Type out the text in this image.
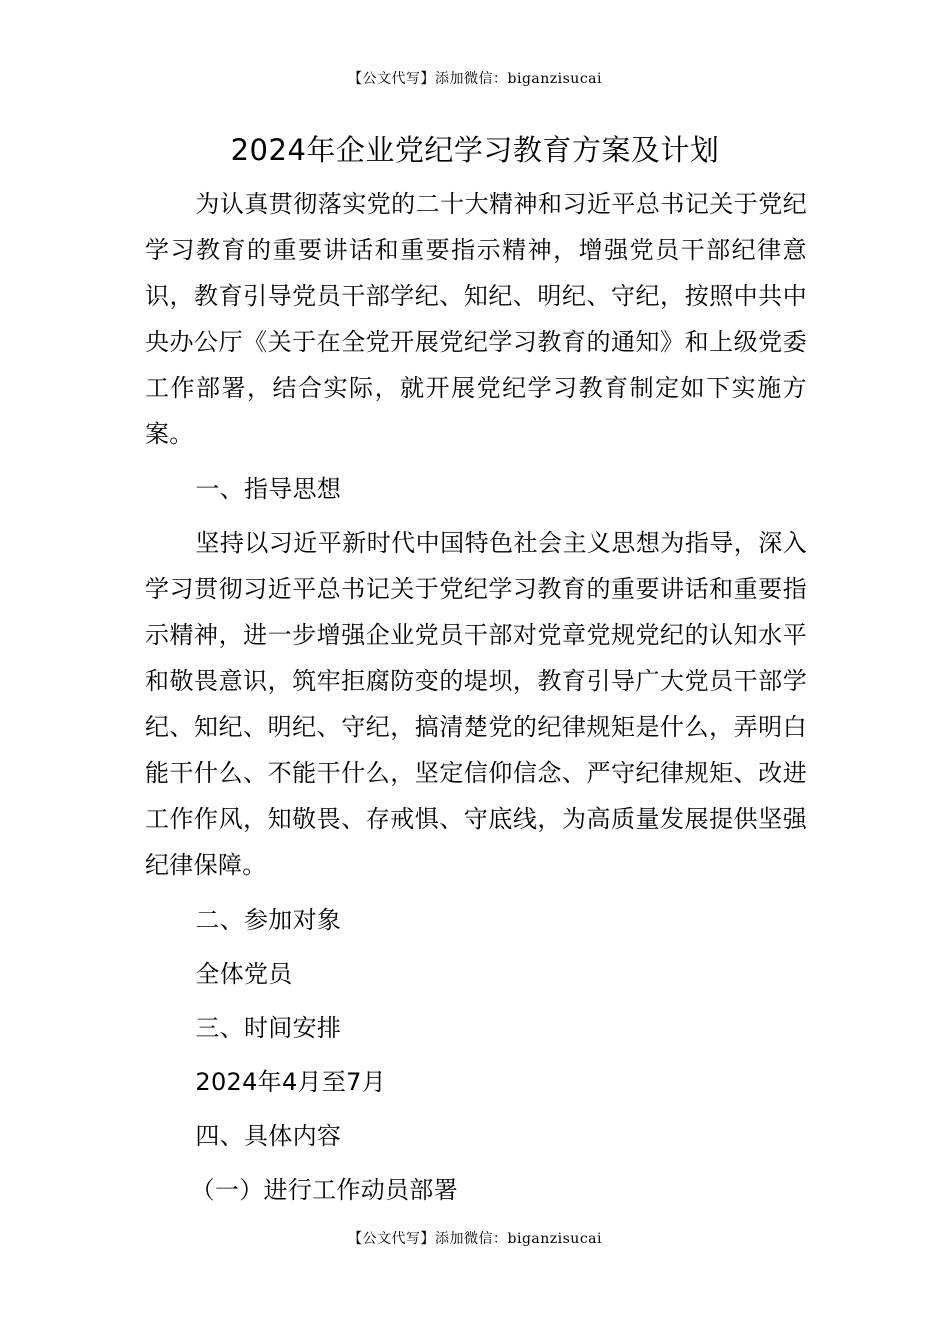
【公文代写】添加微信：biganzisucai
2024年企业党纪学习教育方案及计划

为认真贯彻落实党的二十大精神和习近平总书记关于党纪学习教育的重要讲话和重要指示精神，增强党员干部纪律意识，教育引导党员干部学纪、知纪、明纪、守纪，按照中共中央办公厅《关于在全党开展党纪学习教育的通知》和上级党委工作部署，结合实际，就开展党纪学习教育制定如下实施方案。

一、指导思想

坚持以习近平新时代中国特色社会主义思想为指导，深入学习贯彻习近平总书记关于党纪学习教育的重要讲话和重要指示精神，进一步增强企业党员干部对党章党规党纪的认知水平和敬畏意识，筑牢拒腐防变的堤坝，教育引导广大党员干部学纪、知纪、明纪、守纪，搞清楚党的纪律规矩是什么，弄明白能干什么、不能干什么，坚定信仰信念、严守纪律规矩、改进工作作风，知敬畏、存戒惧、守底线，为高质量发展提供坚强纪律保障。

二、参加对象

全体党员

三、时间安排

2024年4月至7月

四、具体内容

（一）进行工作动员部署

【公文代写】添加微信：biganzisucai
